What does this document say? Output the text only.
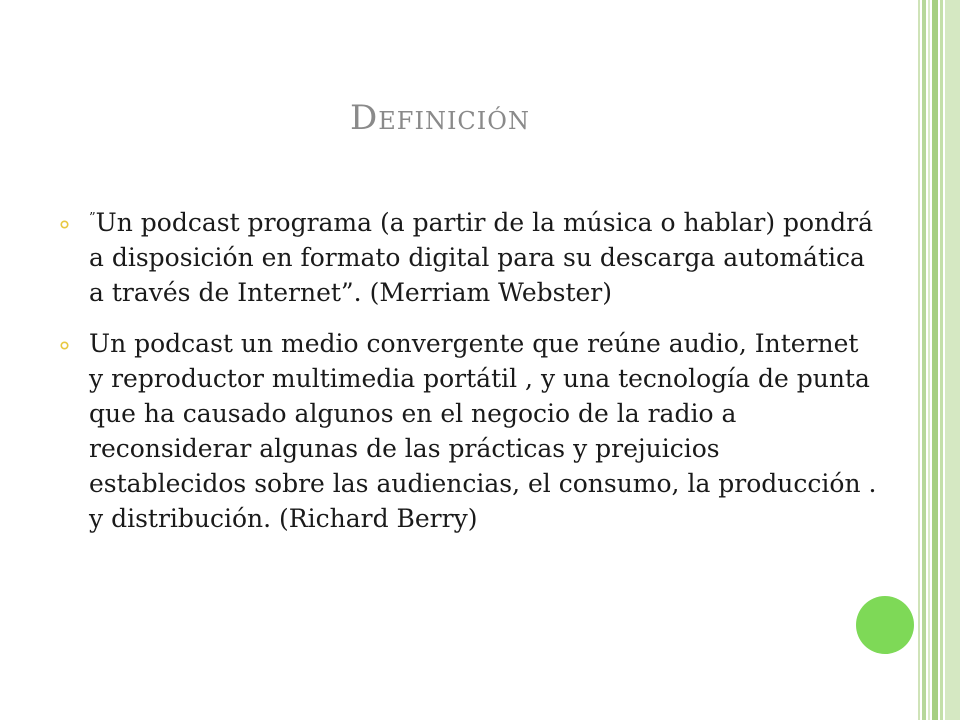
Definición
”Un podcast programa (a partir de la música o hablar) pondrá a disposición en formato digital para su descarga automática a través de Internet”. (Merriam Webster)
Un podcast un medio convergente que reúne audio, Internet y reproductor multimedia portátil , y una tecnología de punta que ha causado algunos en el negocio de la radio a reconsiderar algunas de las prácticas y prejuicios establecidos sobre las audiencias, el consumo, la producción . y distribución. (Richard Berry)
